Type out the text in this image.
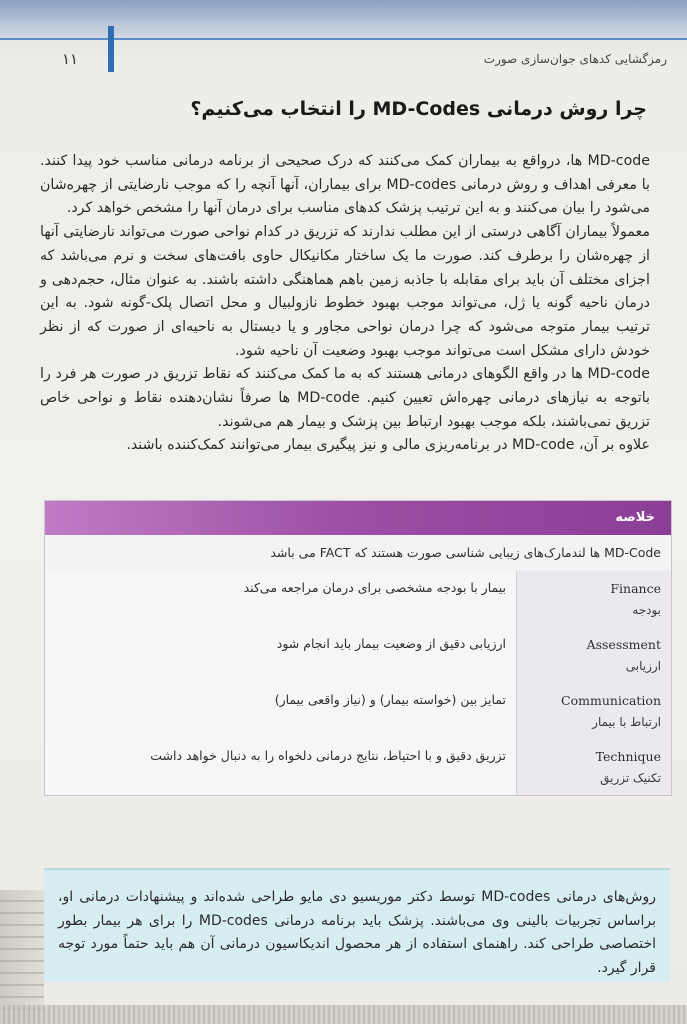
رمزگشایی کدهای جوان‌سازی صورت
۱۱
چرا روش درمانی MD-Codes را انتخاب می‌کنیم؟

MD-code ها، درواقع به بیماران کمک می‌کنند که درک صحیحی از برنامه درمانی مناسب خود پیدا کنند. با معرفی اهداف و روش درمانی MD-codes برای بیماران، آنها آنچه را که موجب نارضایتی از چهره‌شان می‌شود را بیان می‌کنند و به این ترتیب پزشک کدهای مناسب برای درمان آنها را مشخص خواهد کرد.

معمولاً بیماران آگاهی درستی از این مطلب ندارند که تزریق در کدام نواحی صورت می‌تواند نارضایتی آنها از چهره‌شان را برطرف کند. صورت ما یک ساختار مکانیکال حاوی بافت‌های سخت و نرم می‌باشد که اجزای مختلف آن باید برای مقابله با جاذبه زمین باهم هماهنگی داشته باشند. به عنوان مثال، حجم‌دهی و درمان ناحیه گونه یا ژل، می‌تواند موجب بهبود خطوط نازولبیال و محل اتصال پلک-گونه شود. به این ترتیب بیمار متوجه می‌شود که چرا درمان نواحی مجاور و یا دیستال به ناحیه‌ای از صورت که از نظر خودش دارای مشکل است می‌تواند موجب بهبود وضعیت آن ناحیه شود.

MD-code ها در واقع الگوهای درمانی هستند که به ما کمک می‌کنند که نقاط تزریق در صورت هر فرد را باتوجه به نیازهای درمانی چهره‌اش تعیین کنیم. MD-code ها صرفاً نشان‌دهنده نقاط و نواحی خاص تزریق نمی‌باشند، بلکه موجب بهبود ارتباط بین پزشک و بیمار هم می‌شوند.

علاوه بر آن، MD-code در برنامه‌ریزی مالی و نیز پیگیری بیمار می‌توانند کمک‌کننده باشند.

خلاصه
MD-Code ها لندمارک‌های زیبایی شناسی صورت هستند که FACT می باشد
Finance
بودجه
بیمار با بودجه مشخصی برای درمان مراجعه می‌کند
Assessment
ارزیابی
ارزیابی دقیق از وضعیت بیمار باید انجام شود
Communication
ارتباط با بیمار
تمایز بین (خواسته بیمار) و (نیاز واقعی بیمار)
Technique
تکنیک تزریق
تزریق دقیق و با احتیاط، نتایج درمانی دلخواه را به دنبال خواهد داشت

روش‌های درمانی MD-codes توسط دکتر موریسیو دی مایو طراحی شده‌اند و پیشنهادات درمانی او، براساس تجربیات بالینی وی می‌باشند. پزشک باید برنامه درمانی MD-codes را برای هر بیمار بطور اختصاصی طراحی کند. راهنمای استفاده از هر محصول اندیکاسیون درمانی آن هم باید حتماً مورد توجه قرار گیرد.
